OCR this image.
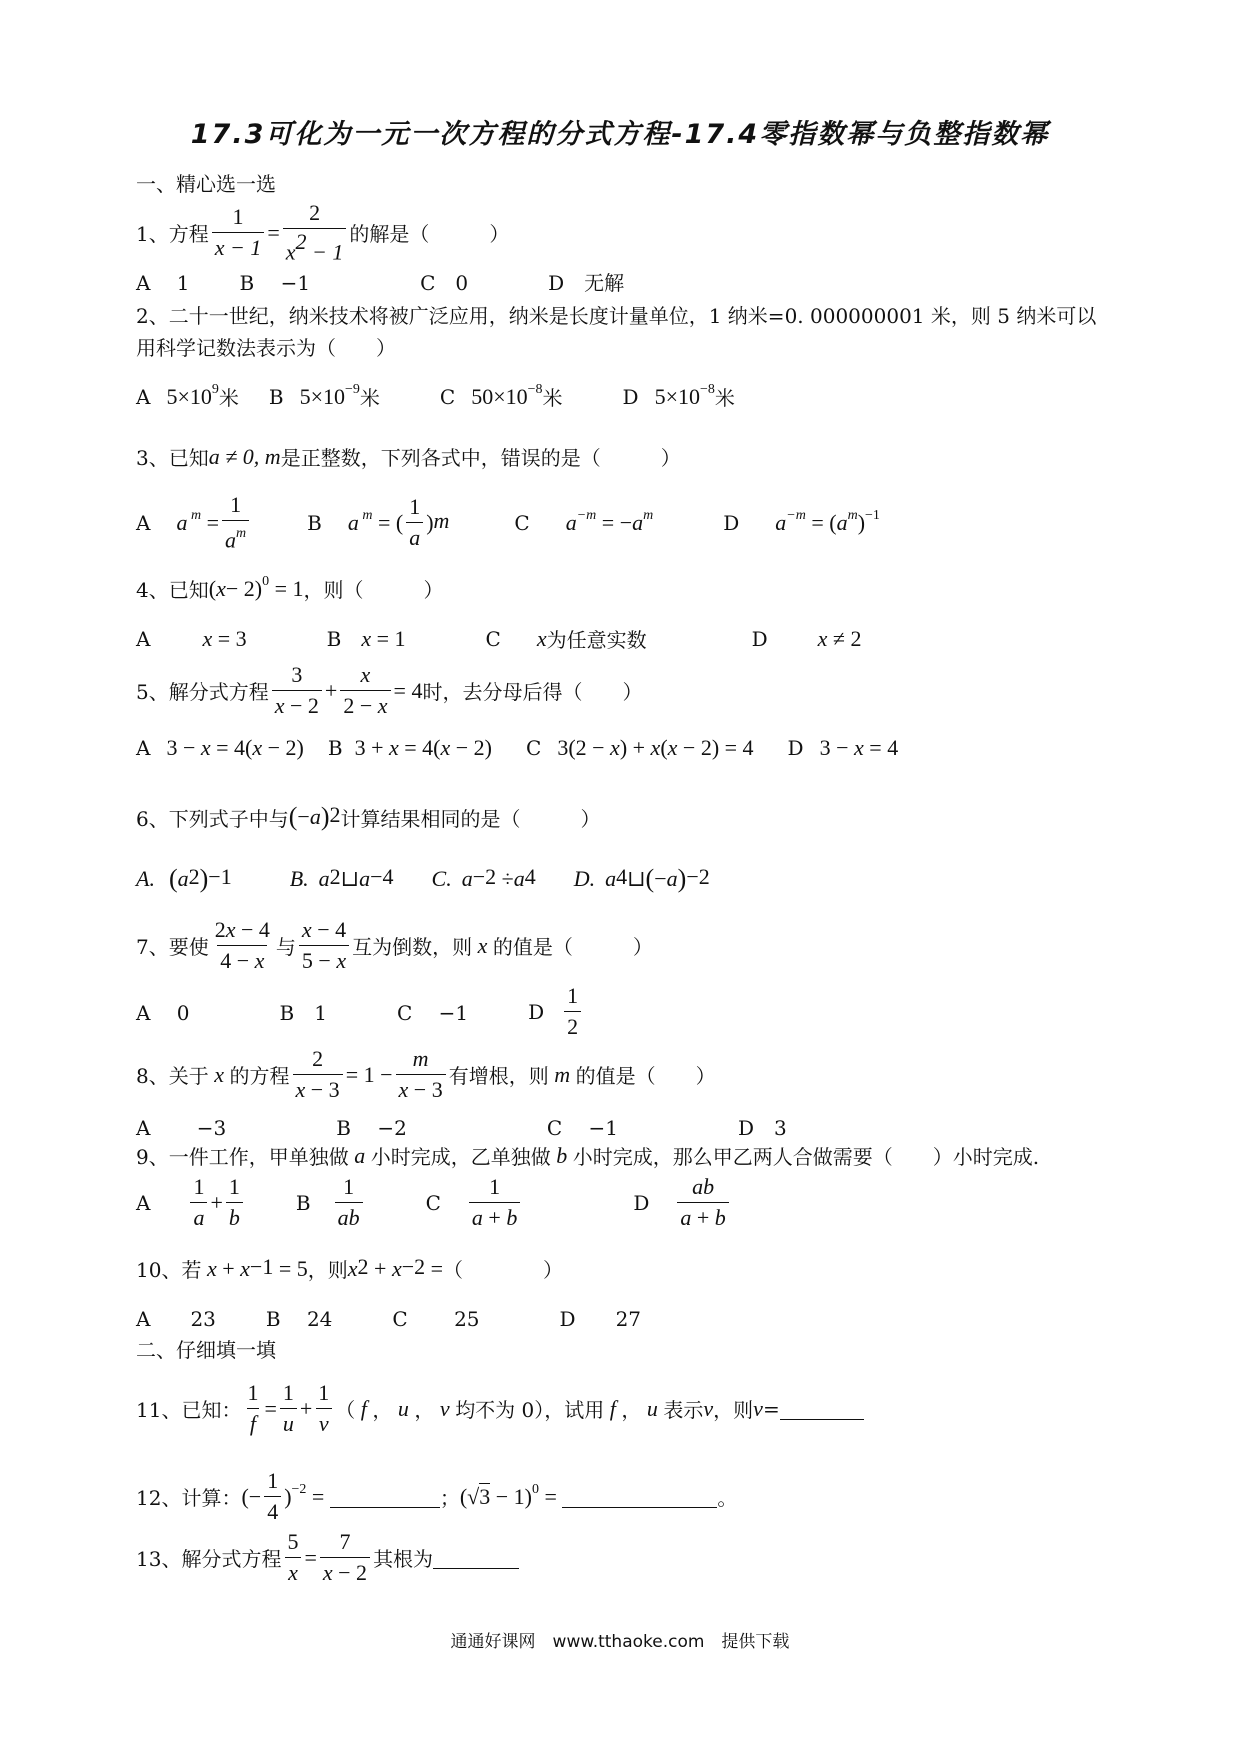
17.3可化为一元一次方程的分式方程-17.4零指数幂与负整指数幂
一、精心选一选
1、 方程 $\frac{1}{x - 1} = \frac{2}{x^2 - 1}$ 的解是（　　　）
A　 1	B　 −1	C　0	D　无解
2、二十一世纪，纳米技术将被广泛应用，纳米是长度计量单位，1 纳米=0. 000000001 米，则 5 纳米可以
用科学记数法表示为（　　）
A $5\times 10^9$ 米 B $5\times 10^{-9}$ 米	C $50\times 10^{-8}$ 米	D $5\times 10^{-8}$ 米
3、已知 a ≠ 0, m 是正整数，下列各式中，错误的是（　　　）
A a $^m = \frac{1}{a^m}$	B a $^m$ = ( $\frac{1}{a} )^m$	C $a^{-m}$ = − $a^m$	D $a^{-m}$ = ( $a^m$ )$^{-1}$
4、已知 ( x − 2)$^0$ = 1 ，则（　　　）
A x = 3	B x = 1	C x 为任意实数	D x ≠ 2
5、解分式方程 $\frac{3}{x - 2} + \frac{x}{2 - x} = 4$ 时，去分母后得（　　）
A 3 − x = 4(x − 2) B 3 + x = 4(x − 2) C 3(2 − x) + x(x − 2) = 4 D 3 − x = 4
6、下列式子中与 ( − a )$^2$ 计算结果相同的是（　　　）
A. ( $a^2$ )$^{-1}$	B. $a^2$ ⊔ $a^{-4}$ C. $a^{-2} \div a^4$ D. $a^4$ ⊔ ( − a )$^{-2}$
7、要使 $\frac{2x - 4}{4 - x}$ 与 $\frac{x - 4}{5 - x}$ 互为倒数，则 x 的值是（　　　）
A　 0	B　1	C　 −1	D $\frac{1}{2}$
8、关于 x 的方程 $\frac{2}{x - 3} = 1 - \frac{m}{x - 3}$ 有增根，则 m 的值是（　　）
A　 　−3	B　 −2	C　 −1	D　3
9、一件工作，甲单独做 a 小时完成，乙单独做 b 小时完成，那么甲乙两人合做需要（　　）小时完成.
A $\frac{1}{a} + \frac{1}{b}$	B $\frac{1}{ab}$	C $\frac{1}{a + b}$	D $\frac{ab}{a + b}$
10、若 $x + x^{-1} = 5$ ，则 $x^2 + x^{-2}$ = （　　　　）
A　　23	B　 24	C　　 25	D　　27
二、仔细填一填
11、已知： $\frac{1}{f} = \frac{1}{u} + \frac{1}{v}$ （ f ， u ， v 均不为 0），试用 f ， u 表示 v ，则 v =
12、计算： (− $\frac{1}{4} )^{-2}$ =	； $(√3 - 1)^0$ =	。
13、解分式方程 $\frac{5}{x} = \frac{7}{x - 2}$ 其根为
通通好课网　www.tthaoke.com　提供下载
